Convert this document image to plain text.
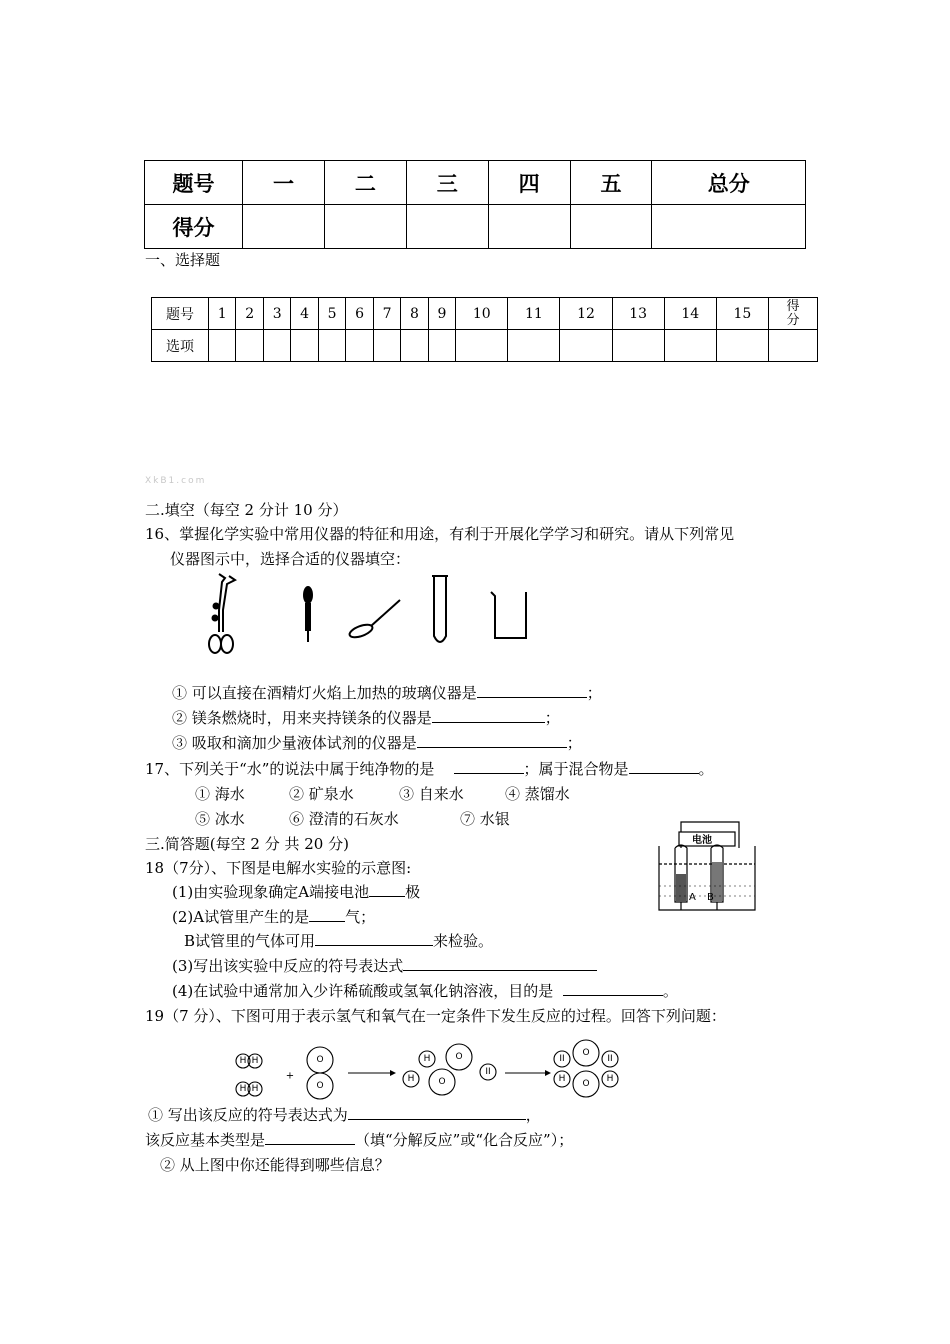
题号	一	二	三	四	五	总分
得分						
一、选择题
题号	1	2	3	4	5	6	7	8	9	10	11	12	13	14	15	得分
选项																
XkB1.com
二.填空（每空 2 分计 10 分）
16、掌握化学实验中常用仪器的特征和用途，有利于开展化学学习和研究。请从下列常见
仪器图示中，选择合适的仪器填空：
① 可以直接在酒精灯火焰上加热的玻璃仪器是	；
② 镁条燃烧时，用来夹持镁条的仪器是	；
③ 吸取和滴加少量液体试剂的仪器是	；
17、下列关于“水”的说法中属于纯净物的是	；属于混合物是	。
① 海水	② 矿泉水	③ 自来水	④ 蒸馏水
⑤ 冰水	⑥ 澄清的石灰水	⑦ 水银
三.简答题(每空 2 分 共 20 分)	电池
A B
18（7分）、下图是电解水实验的示意图:
(1)由实验现象确定A端接电池 极
(2)A试管里产生的是 气；
B试管里的气体可用	来检验。
(3)写出该实验中反应的符号表达式
(4)在试验中通常加入少许稀硫酸或氢氧化钠溶液，目的是	。
19（7 分）、下图可用于表示氢气和氧气在一定条件下发生反应的过程。回答下列问题：
H H
H H
O
O
+
H	O
H	O
II
O
II	II
O
H	H
① 写出该反应的符号表达式为	，
该反应基本类型是	（填“分解反应”或“化合反应”）；
② 从上图中你还能得到哪些信息？
